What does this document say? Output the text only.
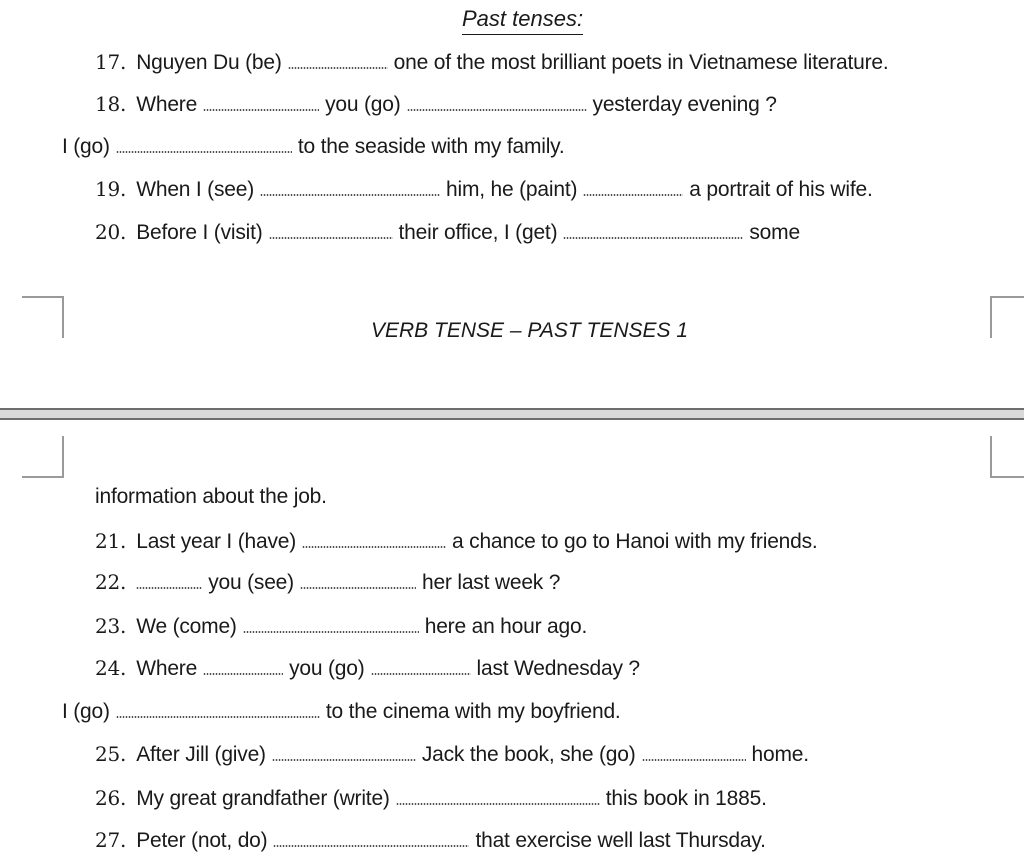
Past tenses:
17. Nguyen Du (be)	one of the most brilliant poets in Vietnamese literature.
18. Where	you (go)	yesterday evening ?
I (go)	to the seaside with my family.
19. When I (see)	him, he (paint)	a portrait of his wife.
20. Before I (visit)	their office, I (get)	some
VERB TENSE – PAST TENSES 1
information about the job.
21. Last year I (have)	a chance to go to Hanoi with my friends.
22.	you (see)	her last week ?
23. We (come)	here an hour ago.
24. Where	you (go)	last Wednesday ?
I (go)	to the cinema with my boyfriend.
25. After Jill (give)	Jack the book, she (go)	home.
26. My great grandfather (write)	this book in 1885.
27. Peter (not, do)	that exercise well last Thursday.
